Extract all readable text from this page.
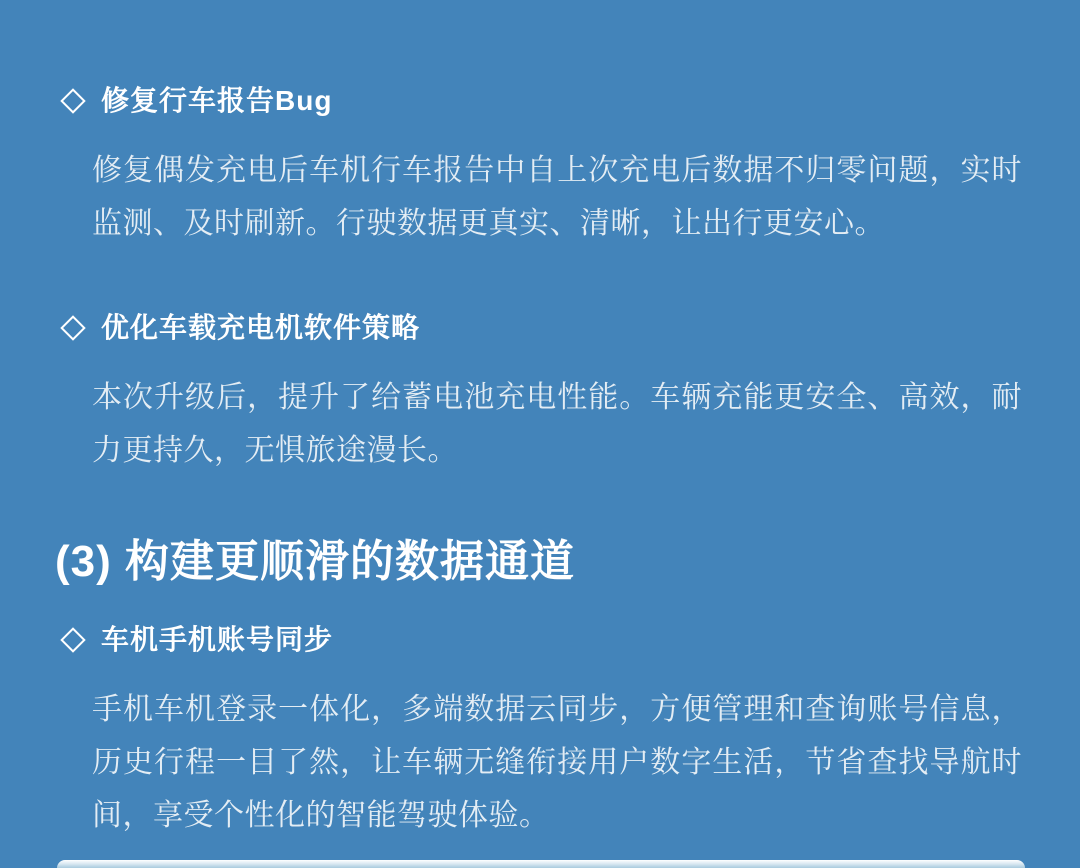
修复行车报告Bug

修复偶发充电后车机行车报告中自上次充电后数据不归零问题，实时监测、及时刷新。行驶数据更真实、清晰，让出行更安心。

优化车载充电机软件策略

本次升级后，提升了给蓄电池充电性能。车辆充能更安全、高效，耐力更持久，无惧旅途漫长。

(3) 构建更顺滑的数据通道
车机手机账号同步

手机车机登录一体化，多端数据云同步，方便管理和查询账号信息，历史行程一目了然，让车辆无缝衔接用户数字生活，节省查找导航时间，享受个性化的智能驾驶体验。
